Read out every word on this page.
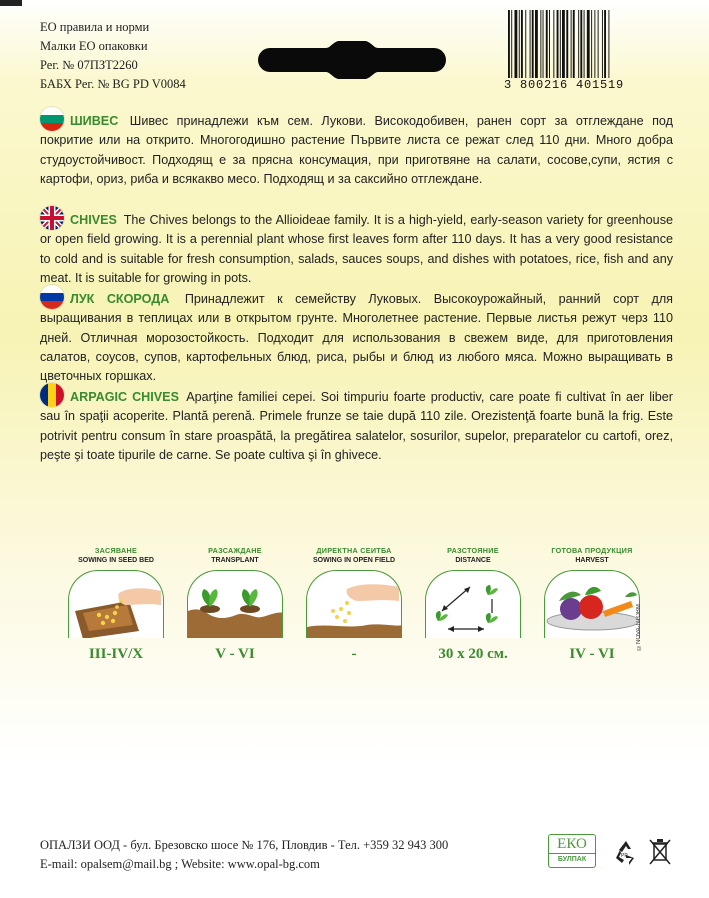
ЕО правила и норми
Малки ЕО опаковки
Рег. № 07ПЗТ2260
БАБХ Рег. № BG PD V0084	3 800216 401519
ШИВЕС Шивес принадлежи към сем. Лукови. Високодобивен, ранен сорт за отглеждане под покритие или на открито. Многогодишно растение Първите листа се режат след 110 дни. Много добра студоустойчивост. Подходящ е за прясна консумация, при приготвяне на салати, сосове,супи, ястия с картофи, ориз, риба и всякакво месо. Подходящ и за саксийно отглеждане.
CHIVES The Chives belongs to the Allioideae family. It is a high-yield, early-season variety for greenhouse or open field growing. It is a perennial plant whose first leaves form after 110 days. It has a very good resistance to cold and is suitable for fresh consumption, salads, sauces soups, and dishes with potatoes, rice, fish and any meat. It is suitable for growing in pots.
ЛУК СКОРОДА Принадлежит к семейству Луковых. Высокоурожайный, ранний сорт для выращивания в теплицах или в открытом грунте. Многолетнее растение. Первые листья режут черз 110 дней. Отличная морозостойкость. Подходит для использования в свежем виде, для приготовления салатов, соусов, супов, картофельных блюд, риса, рыбы и блюд из любого мяса. Можно выращивать в цветочных горшках.
ARPAGIC CHIVES Aparţine familiei cepei. Soi timpuriu foarte productiv, care poate fi cultivat în aer liber sau în spaţii acoperite. Plantă perenă. Primele frunze se taie după 110 zile. Orezistenţă foarte bună la frig. Este potrivit pentru consum în stare proaspătă, la pregătirea salatelor, sosurilor, supelor, preparatelor cu cartofi, orez, peşte şi toate tipurile de carne. Se poate cultiva şi în ghivece.
ЗАСЯВАНЕ
SOWING IN SEED BED
III-IV/X
РАЗСАЖДАНЕ
TRANSPLANT
V - VI
ДИРЕКТНА СЕИТБА
SOWING IN OPEN FIELD
-
РАЗСТОЯНИЕ
DISTANCE
30 x 20 см.
ГОТОВА ПРОДУКЦИЯ
HARVEST
IV - VI
©NOVA-ПТОВМ
ОПАЛЗИ ООД - бул. Брезовско шосе № 176, Пловдив - Тел. +359 32 943 300
E-mail: opalsem@mail.bg ; Website: www.opal-bg.com
ЕКО
БУЛПАК	PP
